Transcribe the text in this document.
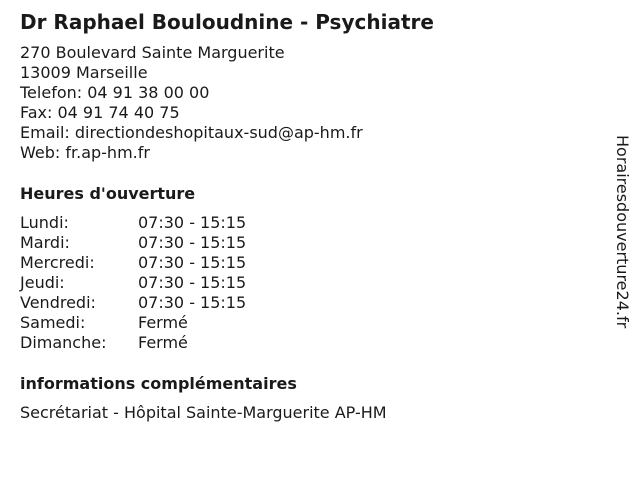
Dr Raphael Bouloudnine - Psychiatre
270 Boulevard Sainte Marguerite
13009 Marseille
Telefon: 04 91 38 00 00
Fax: 04 91 74 40 75
Email: directiondeshopitaux-sud@ap-hm.fr
Web: fr.ap-hm.fr
Heures d'ouverture
Lundi:	07:30 - 15:15
Mardi:	07:30 - 15:15
Mercredi:	07:30 - 15:15
Jeudi:	07:30 - 15:15
Vendredi:	07:30 - 15:15
Samedi:	Fermé
Dimanche:	Fermé
informations complémentaires
Secrétariat - Hôpital Sainte-Marguerite AP-HM
Horairesdouverture24.fr
